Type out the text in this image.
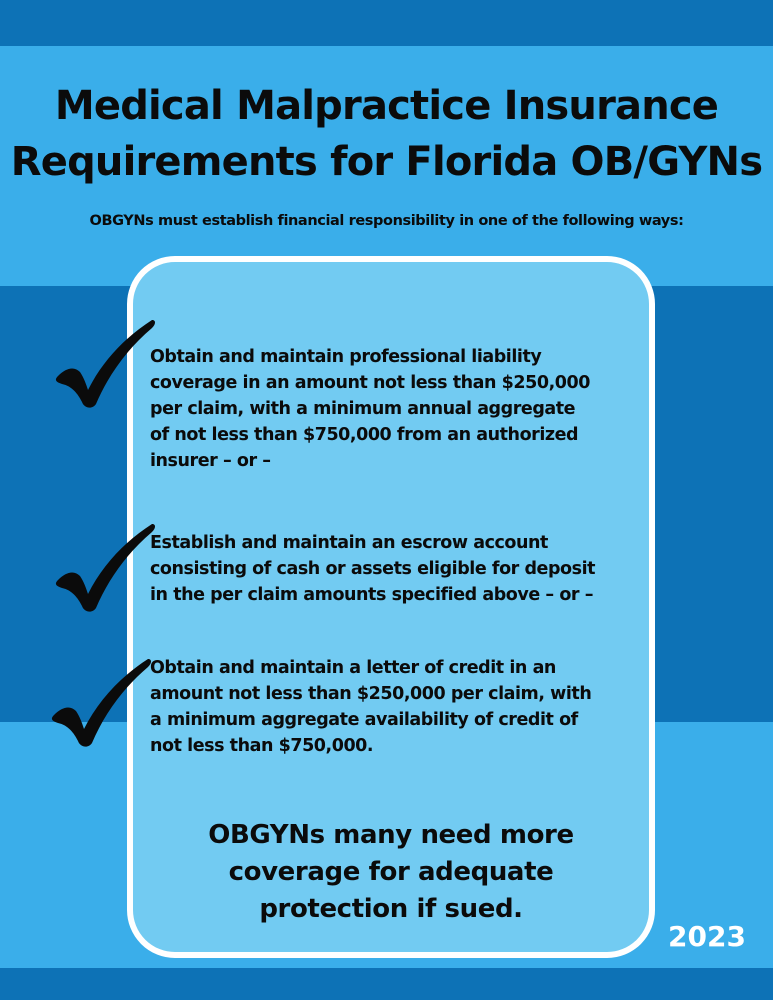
Medical Malpractice Insurance
Requirements for Florida OB/GYNs

OBGYNs must establish financial responsibility in one of the following ways:

Obtain and maintain professional liability
coverage in an amount not less than $250,000
per claim, with a minimum annual aggregate
of not less than $750,000 from an authorized
insurer – or –

Establish and maintain an escrow account
consisting of cash or assets eligible for deposit
in the per claim amounts specified above – or –

Obtain and maintain a letter of credit in an
amount not less than $250,000 per claim, with
a minimum aggregate availability of credit of
not less than $750,000.

OBGYNs many need more
coverage for adequate
protection if sued.

2023
